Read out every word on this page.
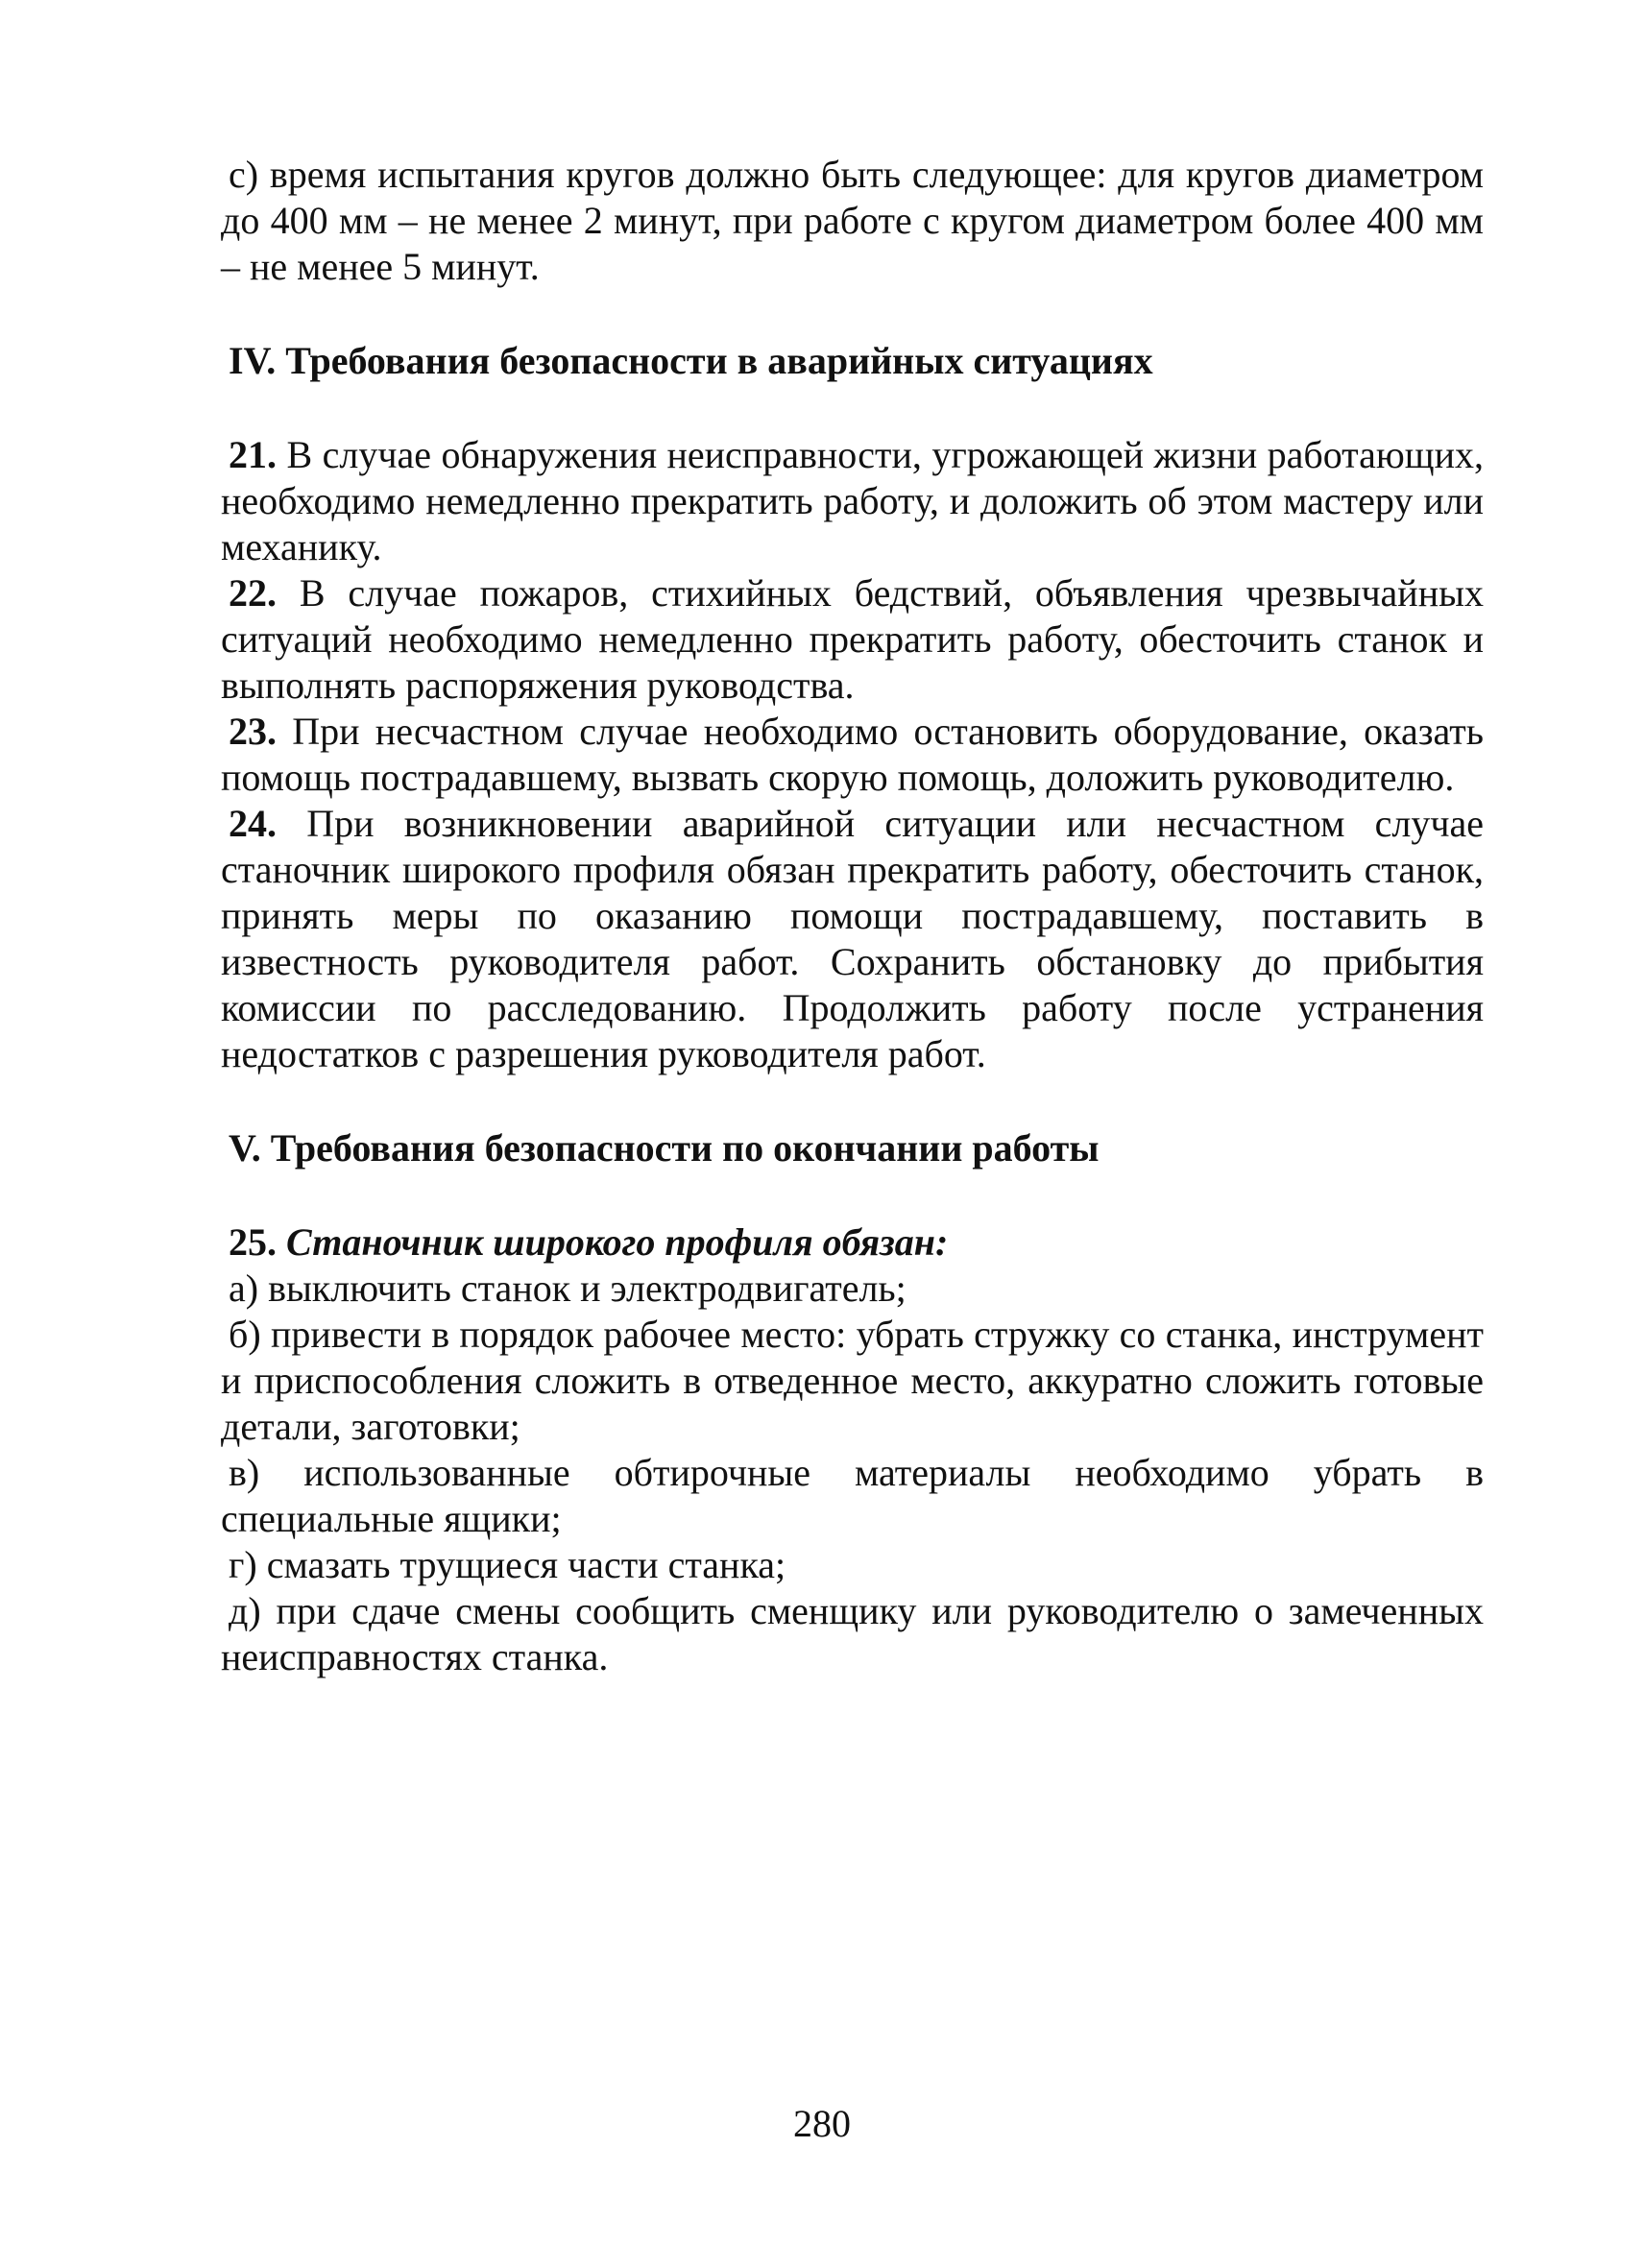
с) время испытания кругов должно быть следующее: для кругов диаметром до 400 мм – не менее 2 минут, при работе с кругом диаметром более 400 мм – не менее 5 минут.

IV. Требования безопасности в аварийных ситуациях

21. В случае обнаружения неисправности, угрожающей жизни работающих, необходимо немедленно прекратить работу, и доложить об этом мастеру или механику.

22. В случае пожаров, стихийных бедствий, объявления чрезвычайных ситуаций необходимо немедленно прекратить работу, обесточить станок и выполнять распоряжения руководства.

23. При несчастном случае необходимо остановить оборудование, оказать помощь пострадавшему, вызвать скорую помощь, доложить руководителю.

24. При возникновении аварийной ситуации или несчастном случае станочник широкого профиля обязан прекратить работу, обесточить станок, принять меры по оказанию помощи пострадавшему, поставить в известность руководителя работ. Сохранить обстановку до прибытия комиссии по расследованию. Продолжить работу после устранения недостатков с разрешения руководителя работ.

V. Требования безопасности по окончании работы

25. Станочник широкого профиля обязан:

а) выключить станок и электродвигатель;

б) привести в порядок рабочее место: убрать стружку со станка, инструмент и приспособления сложить в отведенное место, аккуратно сложить готовые детали, заготовки;

в) использованные обтирочные материалы необходимо убрать в специальные ящики;

г) смазать трущиеся части станка;

д) при сдаче смены сообщить сменщику или руководителю о замеченных неисправностях станка.

280
